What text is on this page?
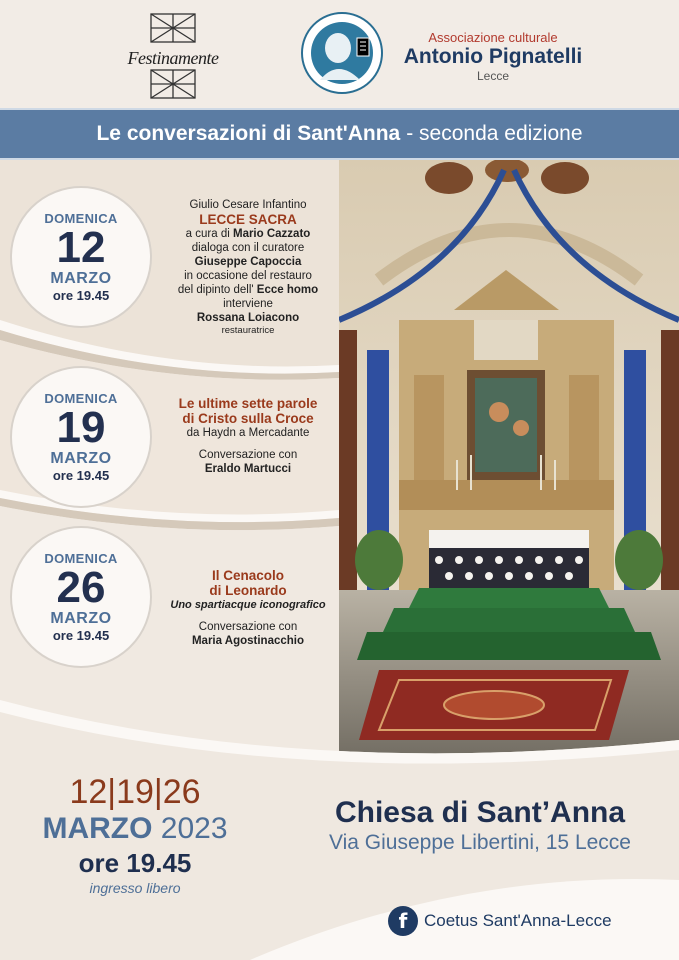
Festinamente
Associazione culturale
Antonio Pignatelli
Lecce
Le conversazioni di Sant'Anna - seconda edizione
DOMENICA
12
MARZO
ore 19.45
Giulio Cesare Infantino
LECCE SACRA
a cura di Mario Cazzato
dialoga con il curatore
Giuseppe Capoccia
in occasione del restauro
del dipinto dell' Ecce homo
interviene
Rossana Loiacono
restauratrice
DOMENICA
19
MARZO
ore 19.45
Le ultime sette parole
di Cristo sulla Croce
da Haydn a Mercadante
Conversazione con
Eraldo Martucci
DOMENICA
26
MARZO
ore 19.45
Il Cenacolo
di Leonardo
Uno spartiacque iconografico
Conversazione con
Maria Agostinacchio
12|19|26
MARZO 2023
ore 19.45
ingresso libero
Chiesa di Sant’Anna
Via Giuseppe Libertini, 15 Lecce
f Coetus Sant'Anna-Lecce
